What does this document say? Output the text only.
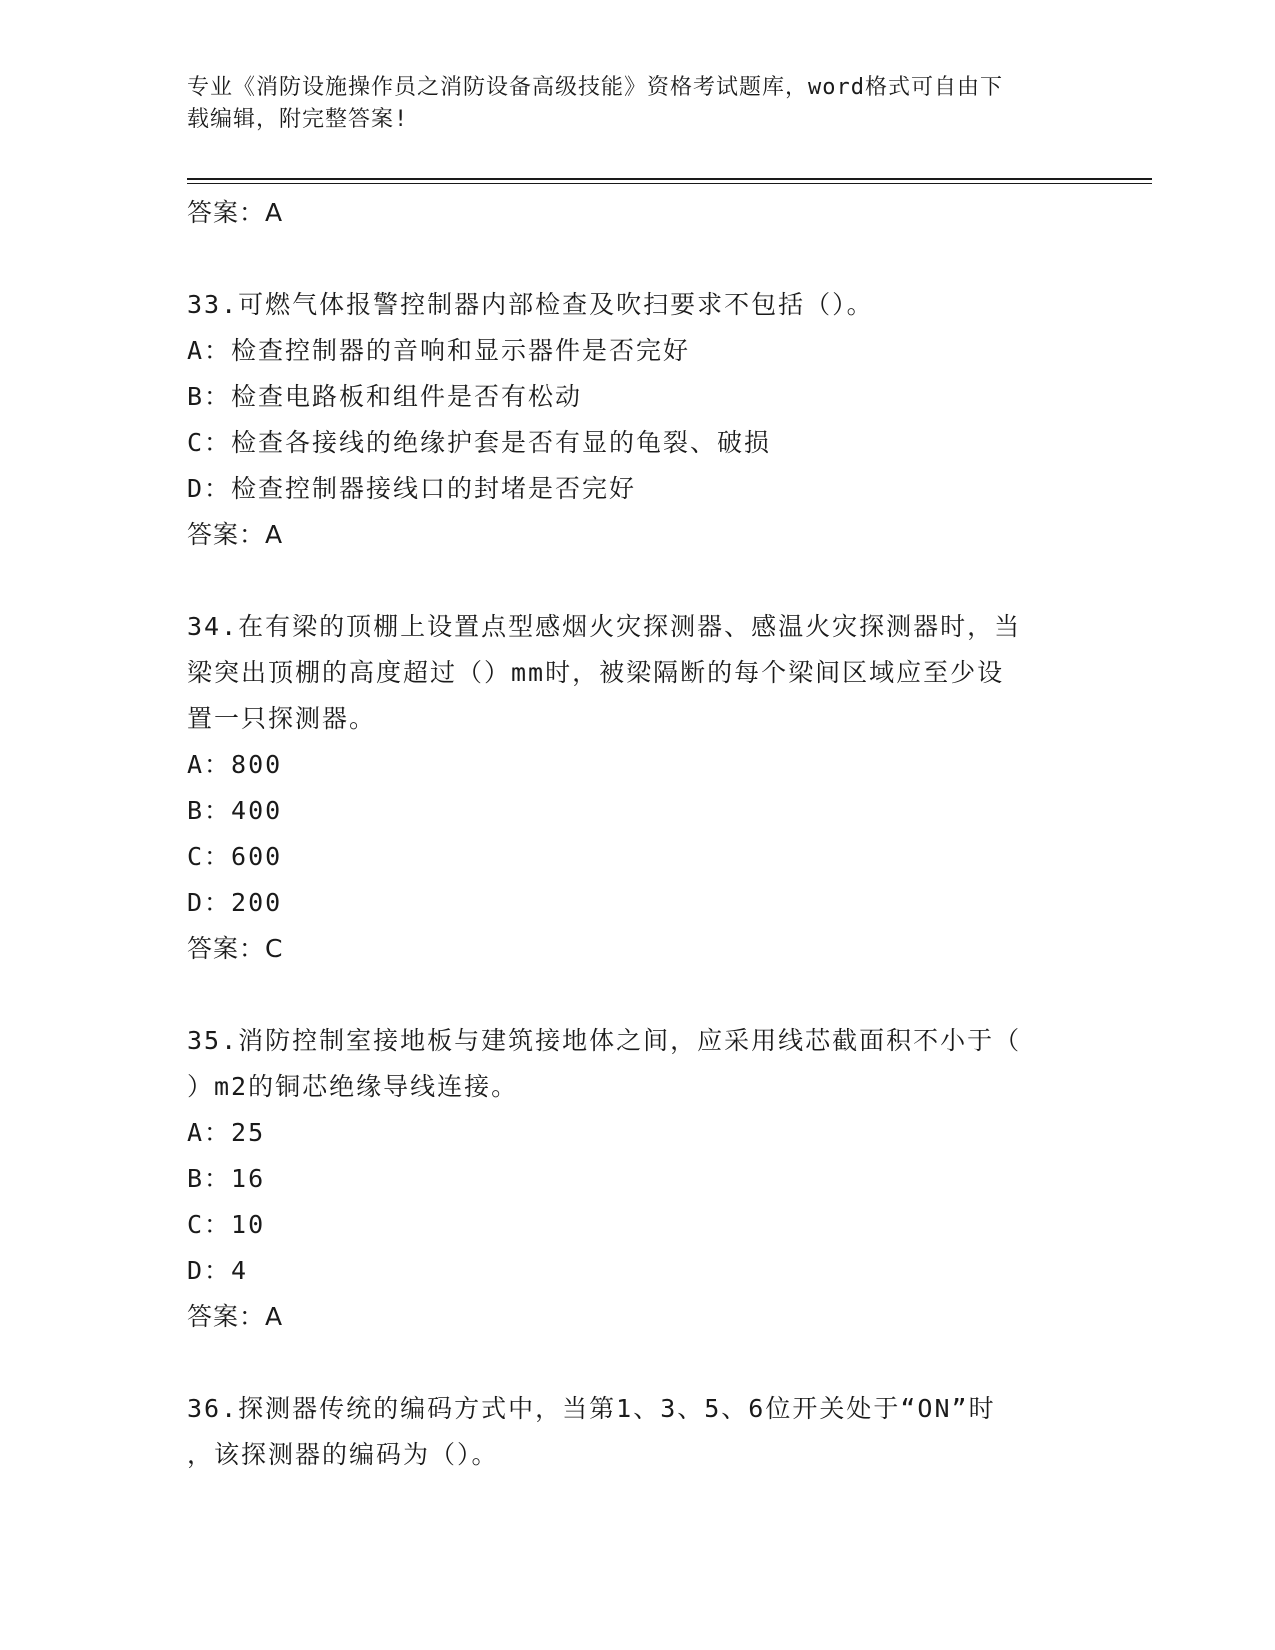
专业《消防设施操作员之消防设备高级技能》资格考试题库，word格式可自由下
载编辑，附完整答案!

答案：A

33.可燃气体报警控制器内部检查及吹扫要求不包括（）。

A：检查控制器的音响和显示器件是否完好

B：检查电路板和组件是否有松动

C：检查各接线的绝缘护套是否有显的龟裂、破损

D：检查控制器接线口的封堵是否完好

答案：A

34.在有梁的顶棚上设置点型感烟火灾探测器、感温火灾探测器时，当

梁突出顶棚的高度超过（）mm时，被梁隔断的每个梁间区域应至少设

置一只探测器。

A：800

B：400

C：600

D：200

答案：C

35.消防控制室接地板与建筑接地体之间，应采用线芯截面积不小于（

）m2的铜芯绝缘导线连接。

A：25

B：16

C：10

D：4

答案：A

36.探测器传统的编码方式中，当第1、3、5、6位开关处于“ON”时

，该探测器的编码为（）。
